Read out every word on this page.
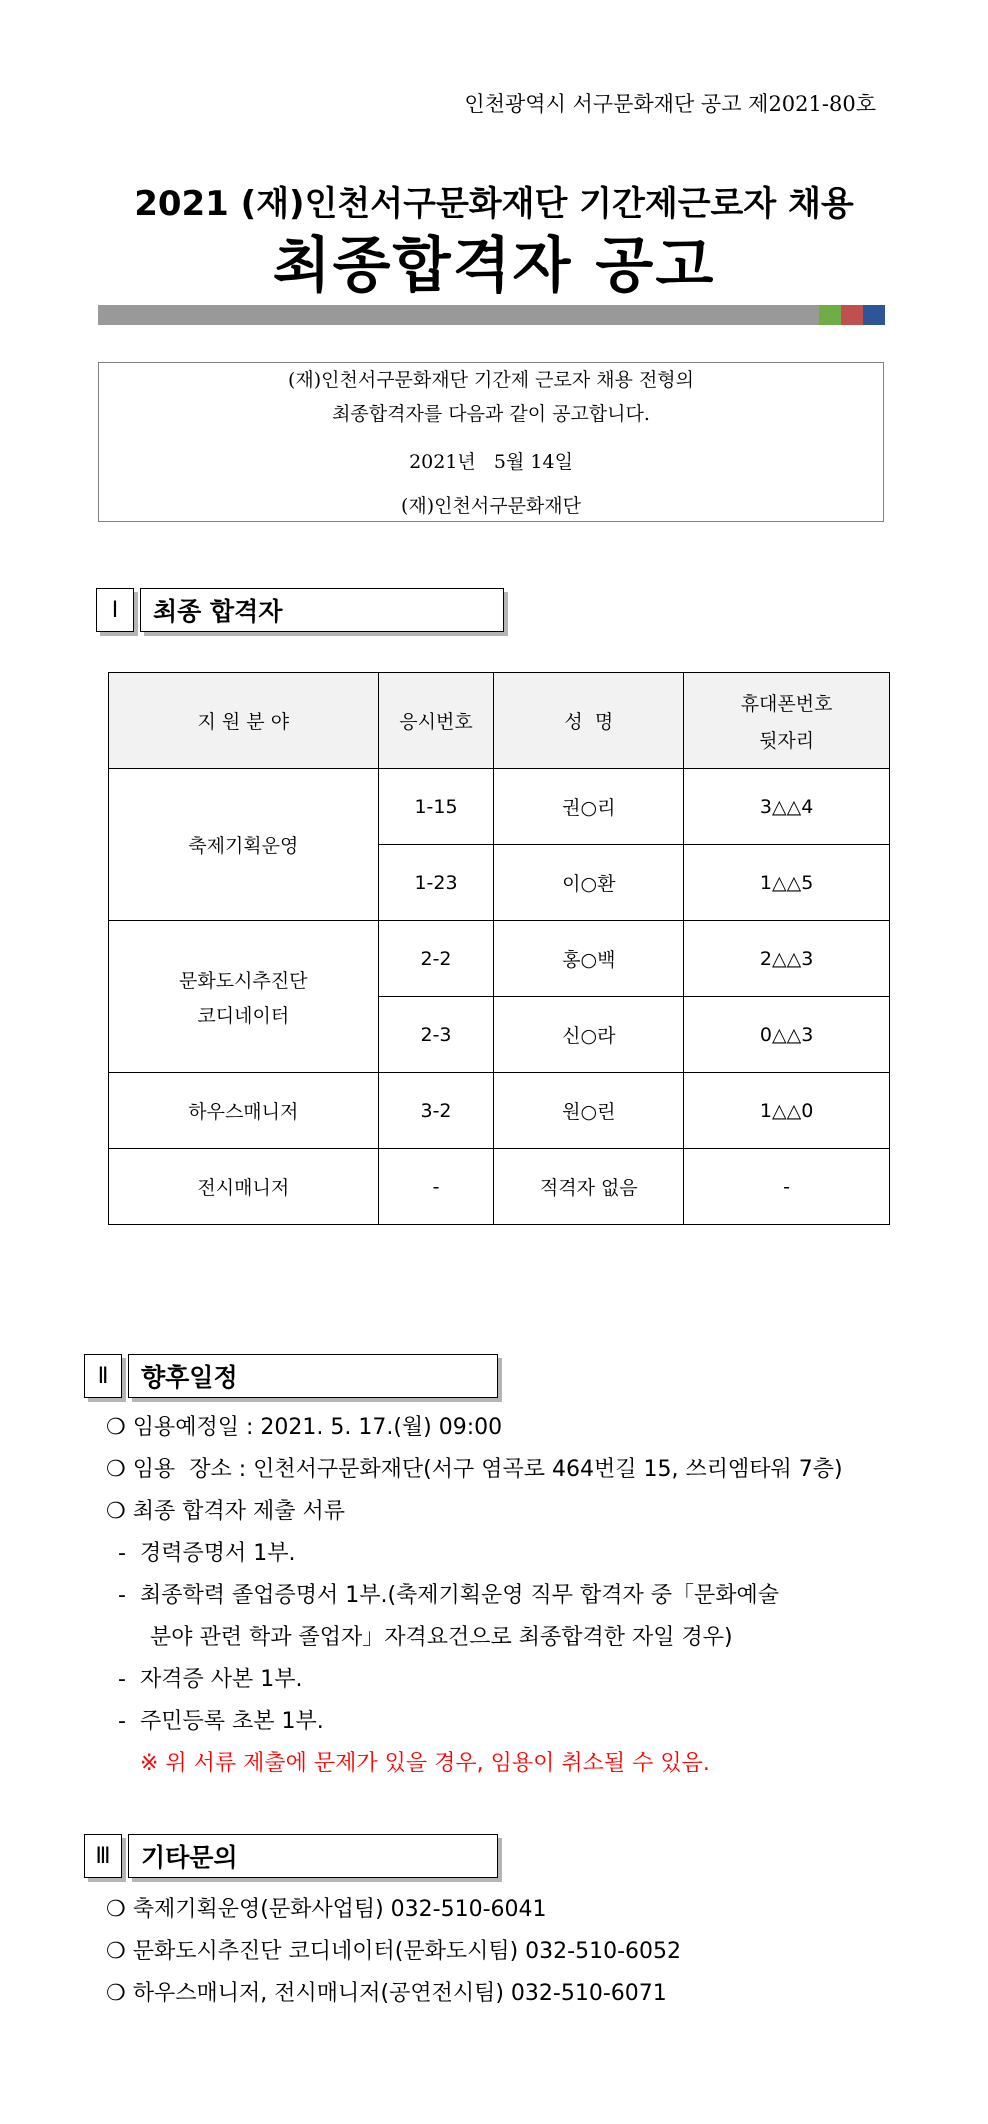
인천광역시 서구문화재단 공고 제2021-80호
2021 (재)인천서구문화재단 기간제근로자 채용
최종합격자 공고
(재)인천서구문화재단 기간제 근로자 채용 전형의
최종합격자를 다음과 같이 공고합니다.
2021년   5월 14일
(재)인천서구문화재단
Ⅰ	최종 합격자
지 원 분 야	응시번호	성  명	휴대폰번호
뒷자리

축제기획운영	1-15	권○리	3△△4
	1-23	이○환	1△△5

문화도시추진단
코디네이터	2-2	홍○백	2△△3
	2-3	신○라	0△△3
하우스매니저	3-2	원○린	1△△0
전시매니저	-	적격자 없음	-
Ⅱ	향후일정
❍ 임용예정일 : 2021. 5. 17.(월) 09:00
❍ 임용  장소 : 인천서구문화재단(서구 염곡로 464번길 15, 쓰리엠타워 7층)
❍ 최종 합격자 제출 서류
- 경력증명서 1부.
- 최종학력 졸업증명서 1부.(축제기획운영 직무 합격자 중「문화예술
분야 관련 학과 졸업자」자격요건으로 최종합격한 자일 경우)
- 자격증 사본 1부.
- 주민등록 초본 1부.
※ 위 서류 제출에 문제가 있을 경우, 임용이 취소될 수 있음.
Ⅲ	기타문의
❍ 축제기획운영(문화사업팀) 032-510-6041
❍ 문화도시추진단 코디네이터(문화도시팀) 032-510-6052
❍ 하우스매니저, 전시매니저(공연전시팀) 032-510-6071
